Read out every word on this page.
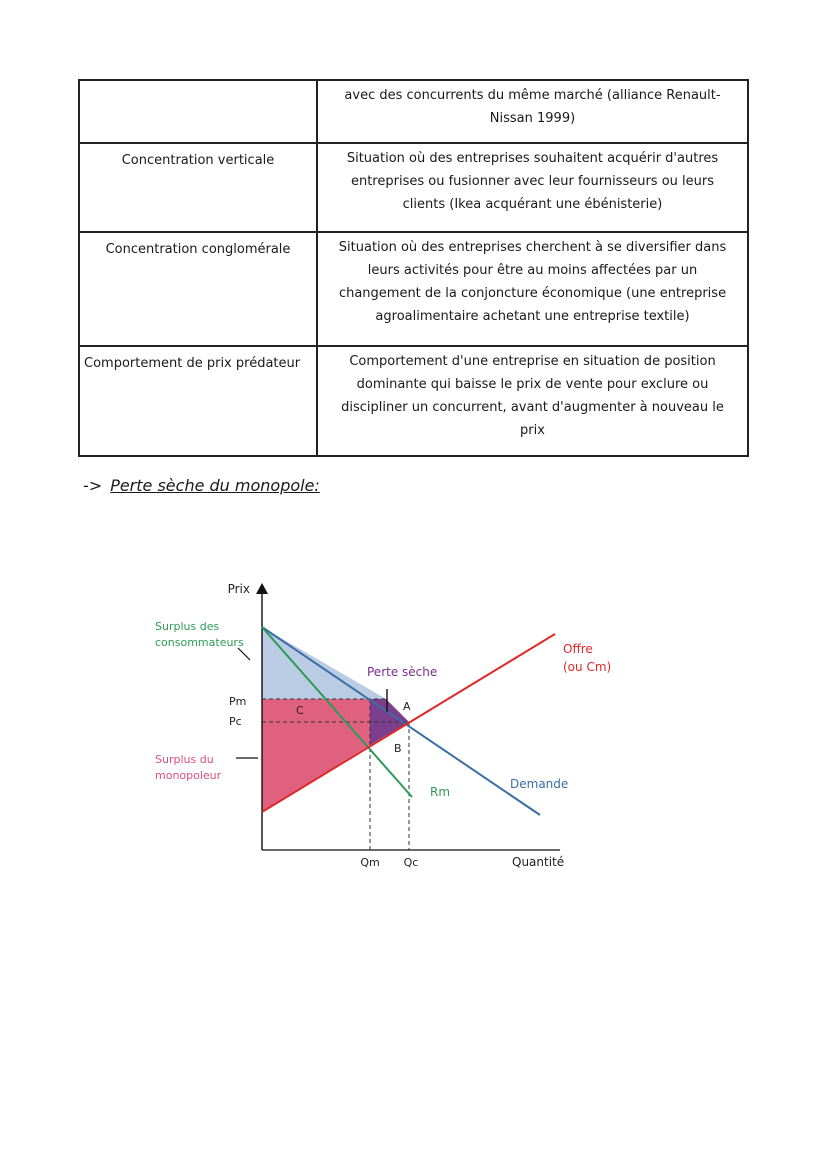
	avec des concurrents du même marché (alliance Renault-
Nissan 1999)

Concentration verticale	Situation où des entreprises souhaitent acquérir d'autres
entreprises ou fusionner avec leur fournisseurs ou leurs
clients (Ikea acquérant une ébénisterie)

Concentration conglomérale	Situation où des entreprises cherchent à se diversifier dans
leurs activités pour être au moins affectées par un
changement de la conjoncture économique (une entreprise
agroalimentaire achetant une entreprise textile)

Comportement de prix prédateur	Comportement d'une entreprise en situation de position
dominante qui baisse le prix de vente pour exclure ou
discipliner un concurrent, avant d'augmenter à nouveau le
prix
-> Perte sèche du monopole:
Prix
Quantité
Pm
Pc
Qm Qc
Surplus des
consommateurs
Surplus du
monopoleur
Perte sèche
A
B
C
Offre
(ou Cm)
Demande
Rm
